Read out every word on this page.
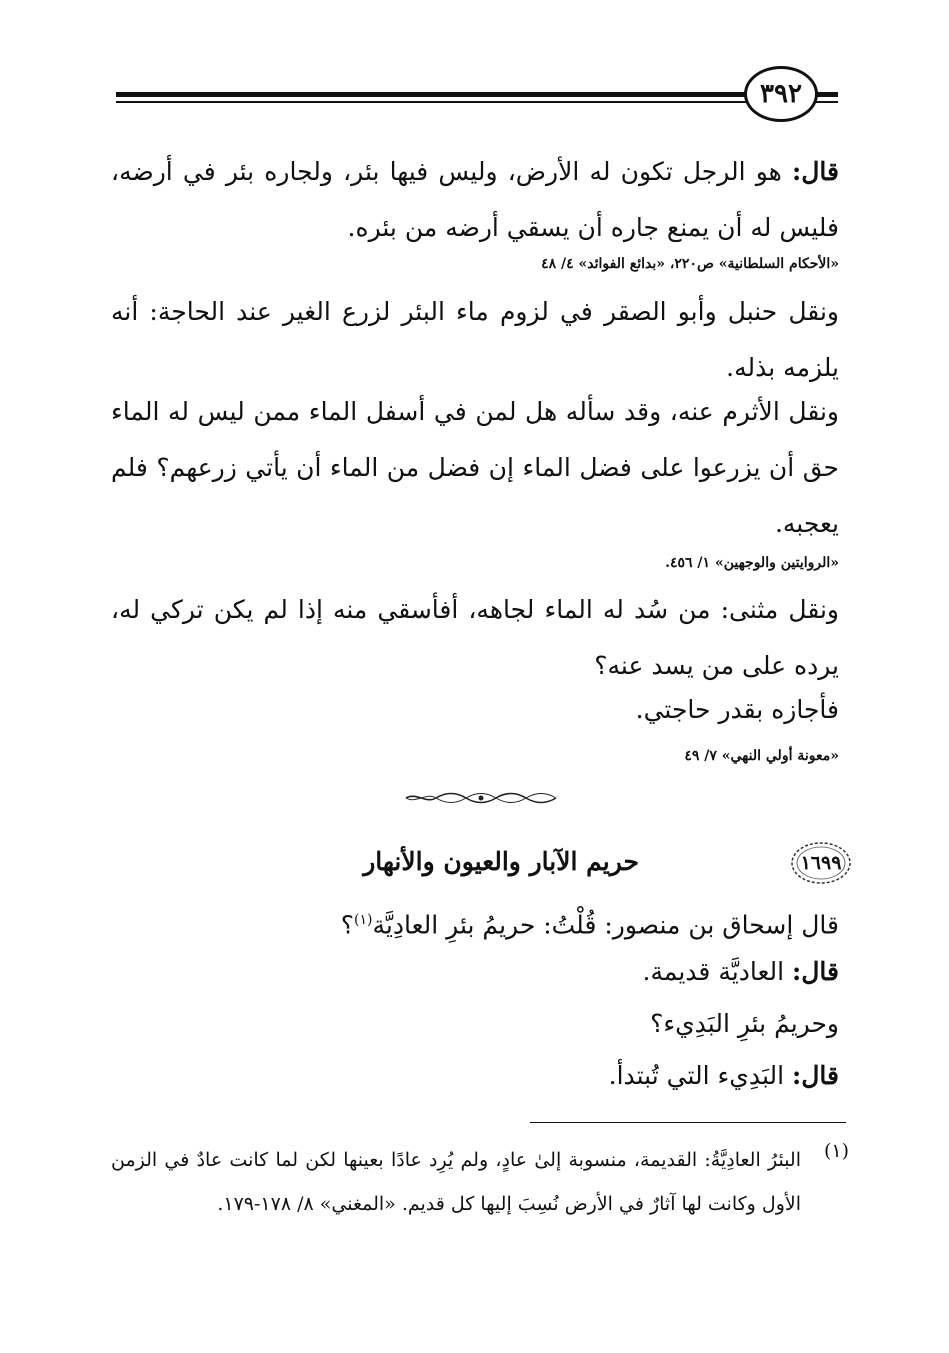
٣٩٢

قال: هو الرجل تكون له الأرض، وليس فيها بئر، ولجاره بئر في أرضه، فليس له أن يمنع جاره أن يسقي أرضه من بئره.

«الأحكام السلطانية» ص٢٢٠، «بدائع الفوائد» ٤/ ٤٨

ونقل حنبل وأبو الصقر في لزوم ماء البئر لزرع الغير عند الحاجة: أنه يلزمه بذله.

ونقل الأثرم عنه، وقد سأله هل لمن في أسفل الماء ممن ليس له الماء حق أن يزرعوا على فضل الماء إن فضل من الماء أن يأتي زرعهم؟ فلم يعجبه.

«الروايتين والوجهين» ١/ ٤٥٦.

ونقل مثنى: من سُد له الماء لجاهه، أفأسقي منه إذا لم يكن تركي له، يرده على من يسد عنه؟

فأجازه بقدر حاجتي.

«معونة أولي النهي» ٧/ ٤٩

١٦٩٩
حريم الآبار والعيون والأنهار

قال إسحاق بن منصور: قُلْتُ: حريمُ بئرِ العادِيَّة$^{(١)}$؟

قال: العاديَّة قديمة.

وحريمُ بئرِ البَدِيء؟

قال: البَدِيء التي تُبتدأ.

(١)

البئرُ العادِيَّةُ: القديمة، منسوبة إلىٰ عادٍ، ولم يُرِد عادًا بعينها لكن لما كانت عادٌ في الزمن الأول وكانت لها آثارٌ في الأرض نُسِبَ إليها كل قديم. «المغني» ٨/ ١٧٨-١٧٩.
